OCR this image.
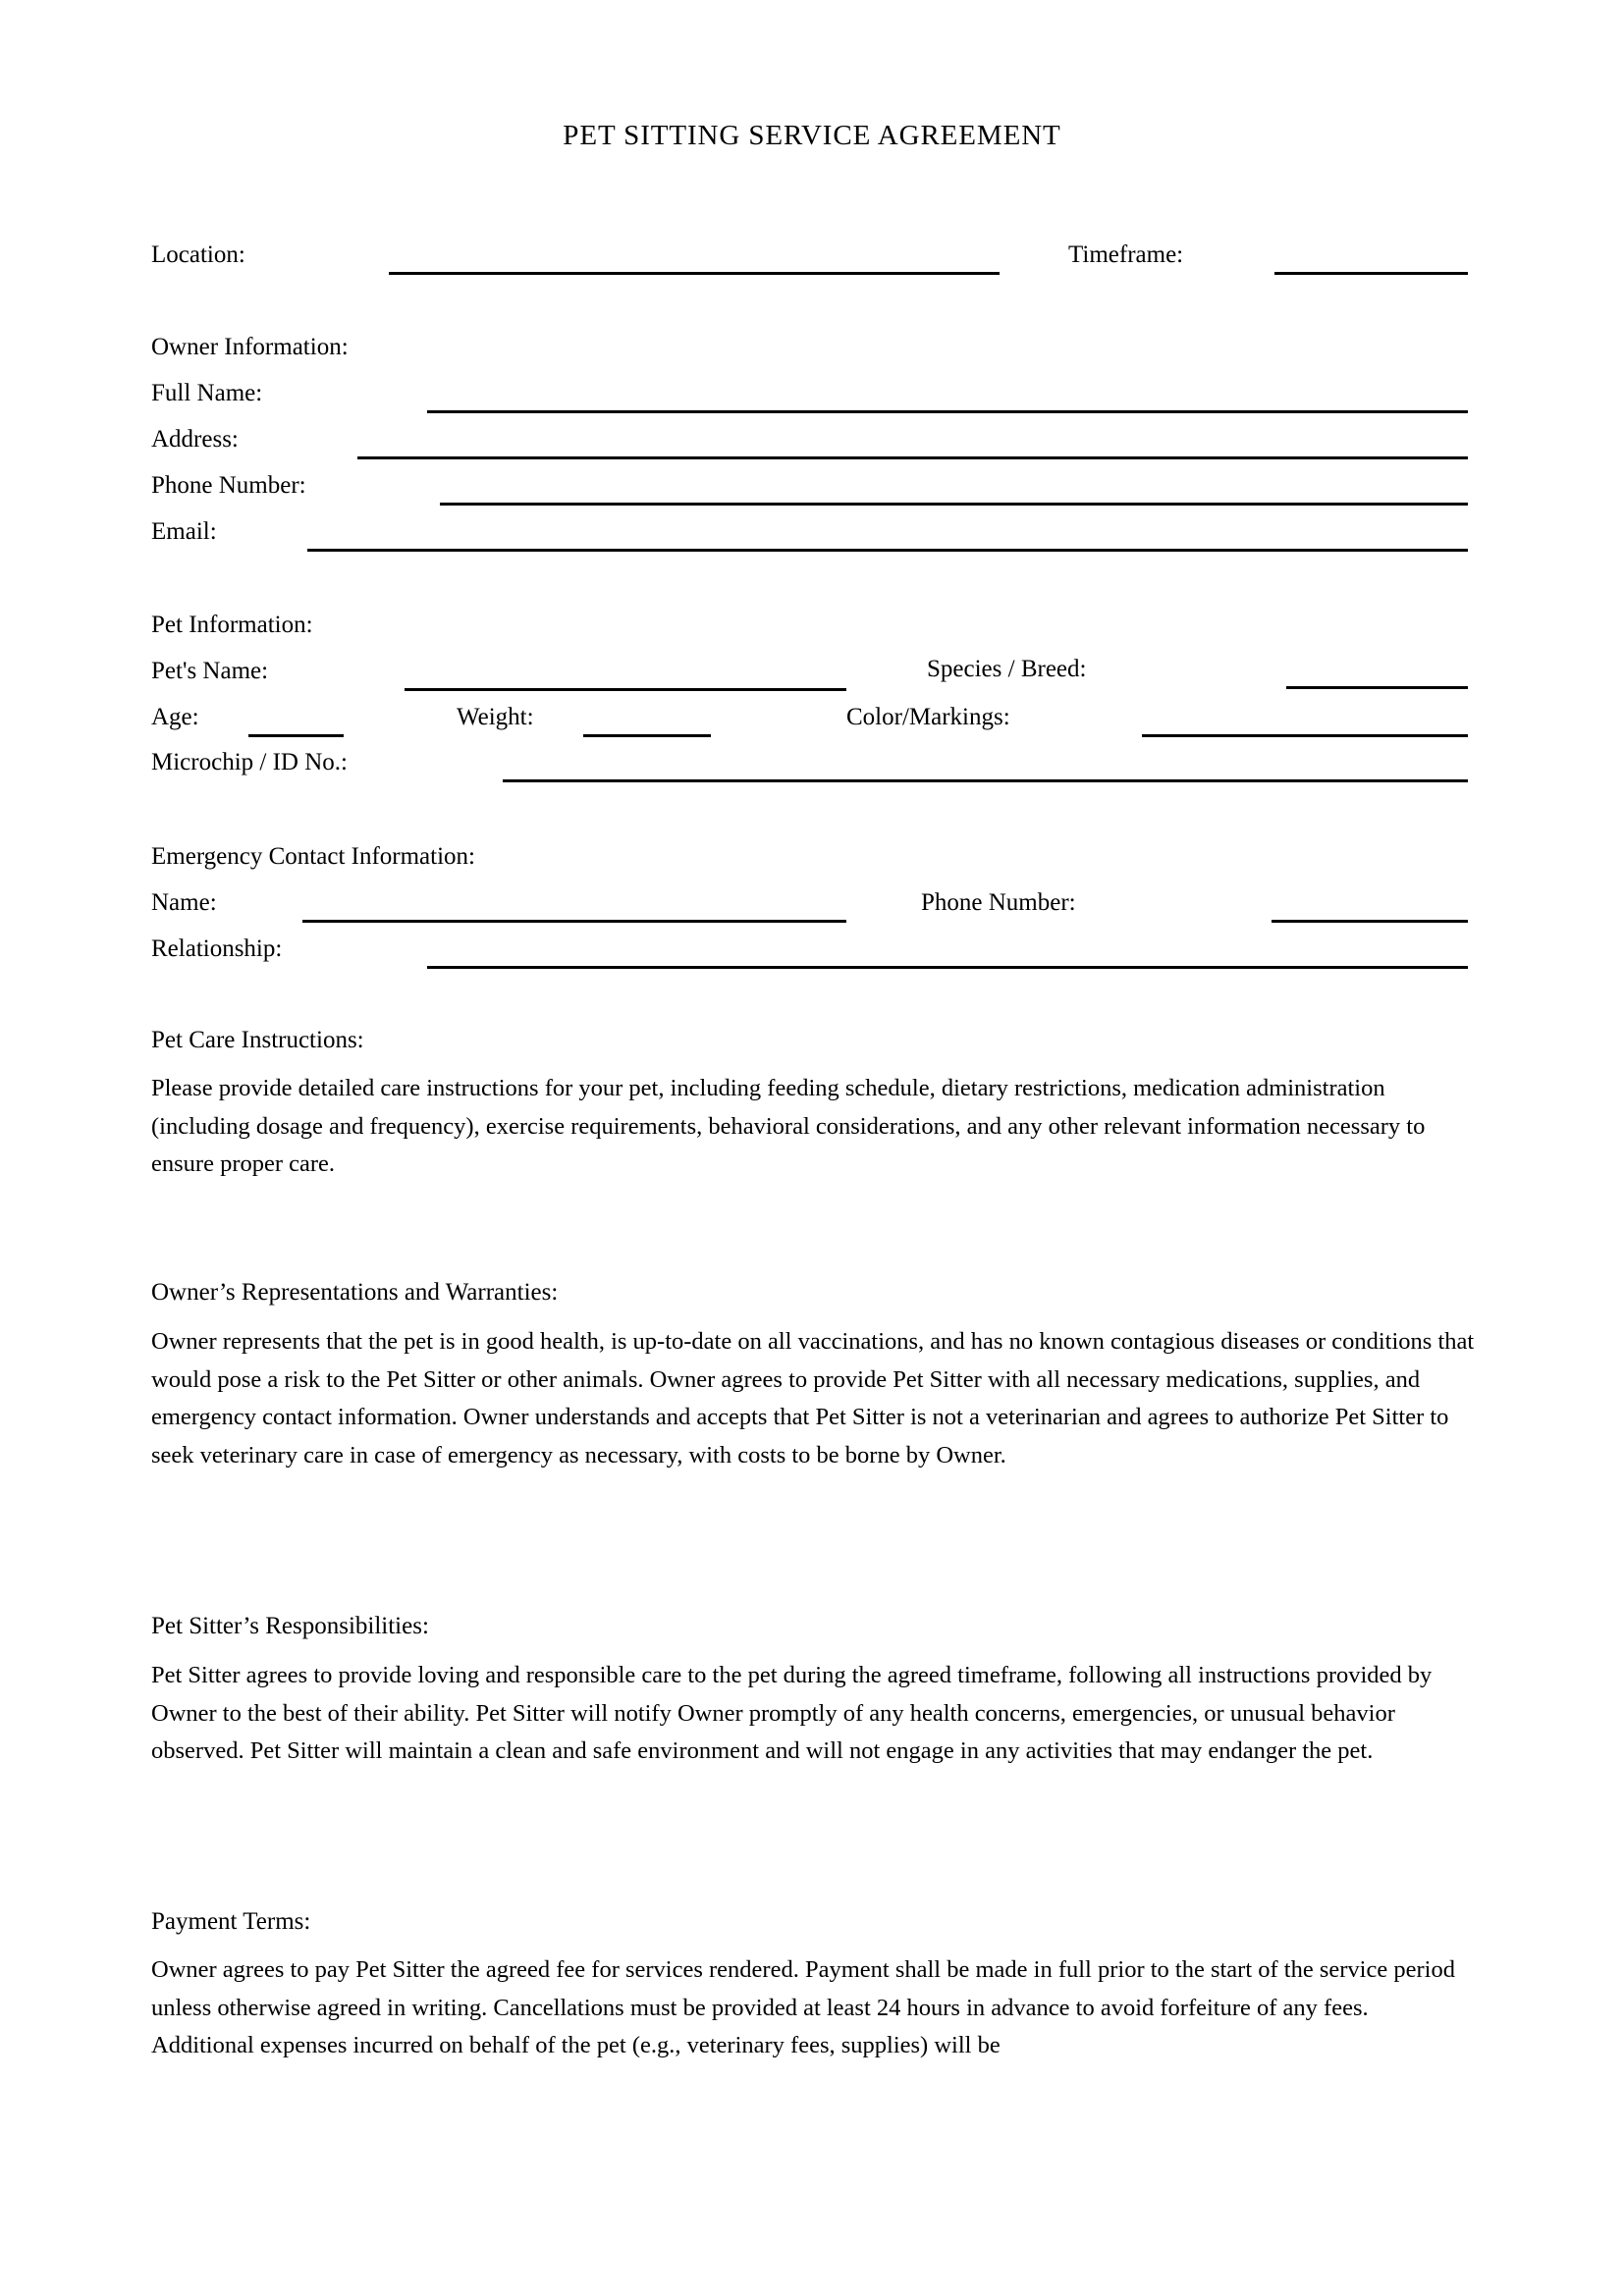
PET SITTING SERVICE AGREEMENT
Location:	Timeframe:
Owner Information:
Full Name:
Address:
Phone Number:
Email:
Pet Information:
Pet's Name:	Species / Breed:
Age:	Weight:	Color/Markings:
Microchip / ID No.:
Emergency Contact Information:
Name:	Phone Number:
Relationship:
Pet Care Instructions:

Please provide detailed care instructions for your pet, including feeding schedule, dietary restrictions, medication administration (including dosage and frequency), exercise requirements, behavioral considerations, and any other relevant information necessary to ensure proper care.

Owner’s Representations and Warranties:

Owner represents that the pet is in good health, is up-to-date on all vaccinations, and has no known contagious diseases or conditions that would pose a risk to the Pet Sitter or other animals. Owner agrees to provide Pet Sitter with all necessary medications, supplies, and emergency contact information. Owner understands and accepts that Pet Sitter is not a veterinarian and agrees to authorize Pet Sitter to seek veterinary care in case of emergency as necessary, with costs to be borne by Owner.

Pet Sitter’s Responsibilities:

Pet Sitter agrees to provide loving and responsible care to the pet during the agreed timeframe, following all instructions provided by Owner to the best of their ability. Pet Sitter will notify Owner promptly of any health concerns, emergencies, or unusual behavior observed. Pet Sitter will maintain a clean and safe environment and will not engage in any activities that may endanger the pet.

Payment Terms:

Owner agrees to pay Pet Sitter the agreed fee for services rendered. Payment shall be made in full prior to the start of the service period unless otherwise agreed in writing. Cancellations must be provided at least 24 hours in advance to avoid forfeiture of any fees. Additional expenses incurred on behalf of the pet (e.g., veterinary fees, supplies) will be
